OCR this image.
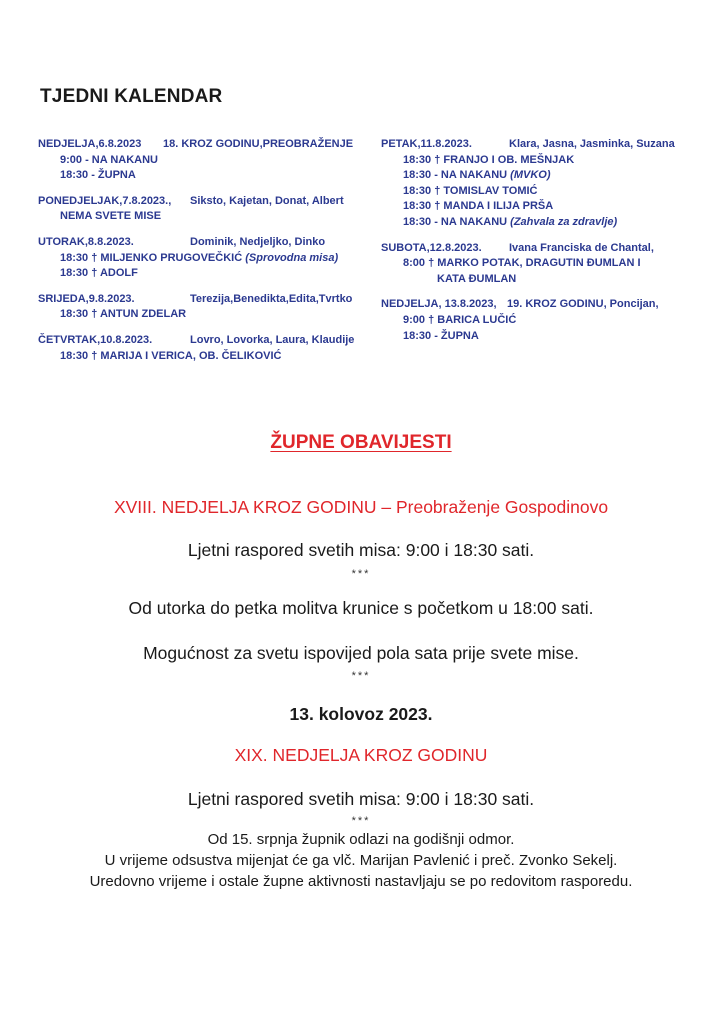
TJEDNI KALENDAR
NEDJELJA,6.8.2023 18. KROZ GODINU,PREOBRAŽENJE
9:00 - NA NAKANU
18:30 - ŽUPNA
PONEDJELJAK,7.8.2023., Siksto, Kajetan, Donat, Albert
NEMA SVETE MISE
UTORAK,8.8.2023.	Dominik, Nedjeljko, Dinko
18:30 † MILJENKO PRUGOVEČKIĆ (Sprovodna misa)
18:30 † ADOLF
SRIJEDA,9.8.2023.	Terezija,Benedikta,Edita,Tvrtko
18:30 † ANTUN ZDELAR
ČETVRTAK,10.8.2023.	Lovro, Lovorka, Laura, Klaudije
18:30 † MARIJA I VERICA, OB. ČELIKOVIĆ
PETAK,11.8.2023.	Klara, Jasna, Jasminka, Suzana
18:30 † FRANJO I OB. MEŠNJAK
18:30 - NA NAKANU (MVKO)
18:30 † TOMISLAV TOMIĆ
18:30 † MANDA I ILIJA PRŠA
18:30 - NA NAKANU (Zahvala za zdravlje)
SUBOTA,12.8.2023. Ivana Franciska de Chantal,
8:00 † MARKO POTAK, DRAGUTIN ĐUMLAN I
KATA ĐUMLAN
NEDJELJA, 13.8.2023, 19. KROZ GODINU, Poncijan,
9:00 † BARICA LUČIĆ
18:30 - ŽUPNA
ŽUPNE OBAVIJESTI
XVIII. NEDJELJA KROZ GODINU – Preobraženje Gospodinovo
Ljetni raspored svetih misa: 9:00 i 18:30 sati.
***
Od utorka do petka molitva krunice s početkom u 18:00 sati.
Mogućnost za svetu ispovijed pola sata prije svete mise.
***
13. kolovoz 2023.
XIX. NEDJELJA KROZ GODINU
Ljetni raspored svetih misa: 9:00 i 18:30 sati.
***
Od 15. srpnja župnik odlazi na godišnji odmor.
U vrijeme odsustva mijenjat će ga vlč. Marijan Pavlenić i preč. Zvonko Sekelj.
Uredovno vrijeme i ostale župne aktivnosti nastavljaju se po redovitom rasporedu.
